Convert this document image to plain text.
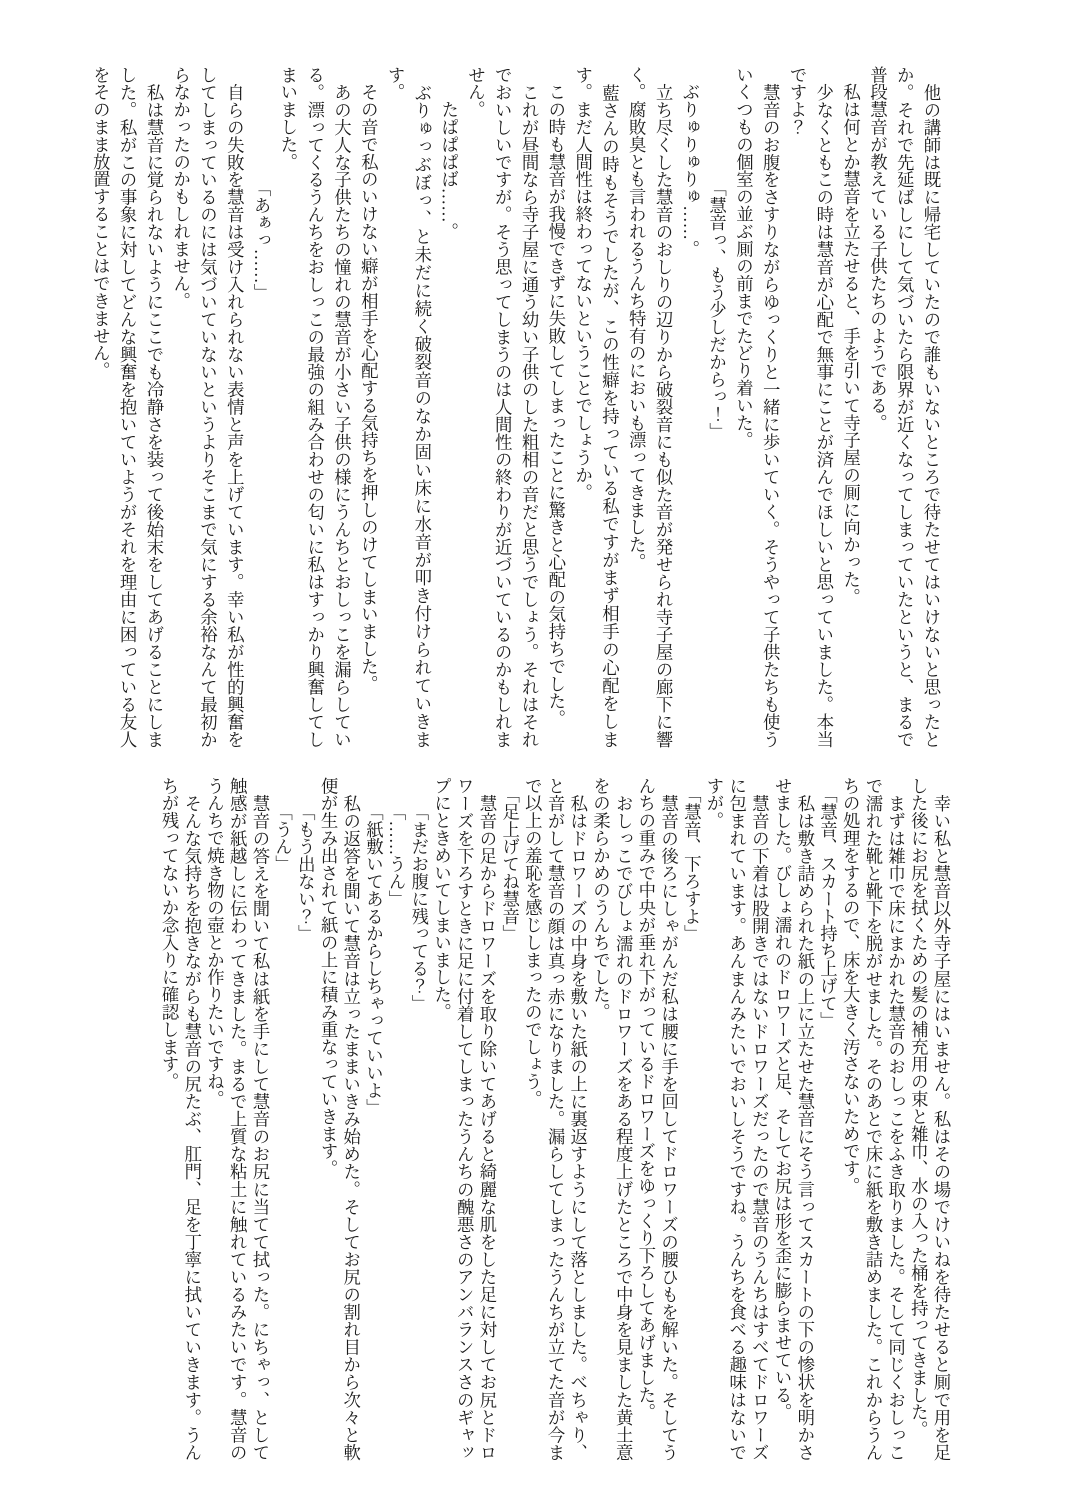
　他の講師は既に帰宅していたので誰もいないところで待たせてはいけないと思ったとか。それで先延ばしにして気づいたら限界が近くなってしまっていたというと、まるで普段慧音が教えている子供たちのようである。

　私は何とか慧音を立たせると、手を引いて寺子屋の厠に向かった。

　少なくともこの時は慧音が心配で無事にことが済んでほしいと思っていました。本当ですよ？

　慧音のお腹をさすりながらゆっくりと一緒に歩いていく。そうやって子供たちも使ういくつもの個室の並ぶ厠の前までたどり着いた。

　　　　　　　「慧音っ、もう少しだからっ！」

　ぶりゅりゅりゅ……。

　立ち尽くした慧音のおしりの辺りから破裂音にも似た音が発せられ寺子屋の廊下に響く。腐敗臭とも言われるうんち特有のにおいも漂ってきました。

　藍さんの時もそうでしたが、この性癖を持っている私ですがまず相手の心配をします。まだ人間性は終わってないということでしょうか。

　この時も慧音が我慢できずに失敗してしまったことに驚きと心配の気持ちでした。

　これが昼間なら寺子屋に通う幼い子供のした粗相の音だと思うでしょう。それはそれでおいしいですが。そう思ってしまうのは人間性の終わりが近づいているのかもしれません。

　　たぱぱぱば……。

　ぶりゅっぶぼっ、と未だに続く破裂音のなか固い床に水音が叩き付けられていきます。

　その音で私のいけない癖が相手を心配する気持ちを押しのけてしまいました。

　あの大人な子供たちの憧れの慧音が小さい子供の様にうんちとおしっこを漏らしている。漂ってくるうんちをおしっこの最強の組み合わせの匂いに私はすっかり興奮してしまいました。

　　　　　　　「あぁっ……」

　自らの失敗を慧音は受け入れられない表情と声を上げています。幸い私が性的興奮をしてしまっているのには気づいていないというよりそこまで気にする余裕なんて最初からなかったのかもしれません。

　私は慧音に覚られないようにここでも冷静さを装って後始末をしてあげることにしました。私がこの事象に対してどんな興奮を抱いていようがそれを理由に困っている友人をそのまま放置することはできません。

　幸い私と慧音以外寺子屋にはいません。私はその場でけいねを待たせると厠で用を足した後にお尻を拭くための髪の補充用の束と雑巾、水の入った桶を持ってきました。

　まずは雑巾で床にまかれた慧音のおしっこをふき取りました。そして同じくおしっこで濡れた靴と靴下を脱がせました。そのあとで床に紙を敷き詰めました。これからうんちの処理をするので、床を大きく汚さないためです。

　「慧音、スカート持ち上げて」

　私は敷き詰められた紙の上に立たせた慧音にそう言ってスカートの下の惨状を明かさせました。びしょ濡れのドロワーズと足、そしてお尻は形を歪に膨らませている。

　慧音の下着は股開きではないドロワーズだったので慧音のうんちはすべてドロワーズに包まれています。あんまんみたいでおいしそうですね。うんちを食べる趣味はないですが。

　「慧音、下ろすよ」

　慧音の後ろにしゃがんだ私は腰に手を回してドロワーズの腰ひもを解いた。そしてうんちの重みで中央が垂れ下がっているドロワーズをゆっくり下ろしてあげました。

　おしっこでびしょ濡れのドロワーズをある程度上げたところで中身を見ました黄土意をの柔らかめのうんちでした。

　私はドロワーズの中身を敷いた紙の上に裏返すようにして落としました。べちゃり、と音がして慧音の顔は真っ赤になりました。漏らしてしまったうんちが立てた音が今まで以上の羞恥を感じしまったのでしょう。

　「足上げてね慧音」

　慧音の足からドロワーズを取り除いてあげると綺麗な肌をした足に対してお尻とドロワーズを下ろすときに足に付着してしまったうんちの醜悪さのアンバランスさのギャップにときめいてしまいました。

　　「まだお腹に残ってる？」

　　「……うん」

　　「紙敷いてあるからしちゃっていいよ」

　私の返答を聞いて慧音は立ったままいきみ始めた。そしてお尻の割れ目から次々と軟便が生み出されて紙の上に積み重なっていきます。

　　「もう出ない？」

　　「うん」

　慧音の答えを聞いて私は紙を手にして慧音のお尻に当てて拭った。にちゃっ、として触感が紙越しに伝わってきました。まるで上質な粘土に触れているみたいです。慧音のうんちで焼き物の壺とか作りたいですね。

　そんな気持ちを抱きながらも慧音の尻たぶ、肛門、足を丁寧に拭いていきます。うんちが残ってないか念入りに確認します。
